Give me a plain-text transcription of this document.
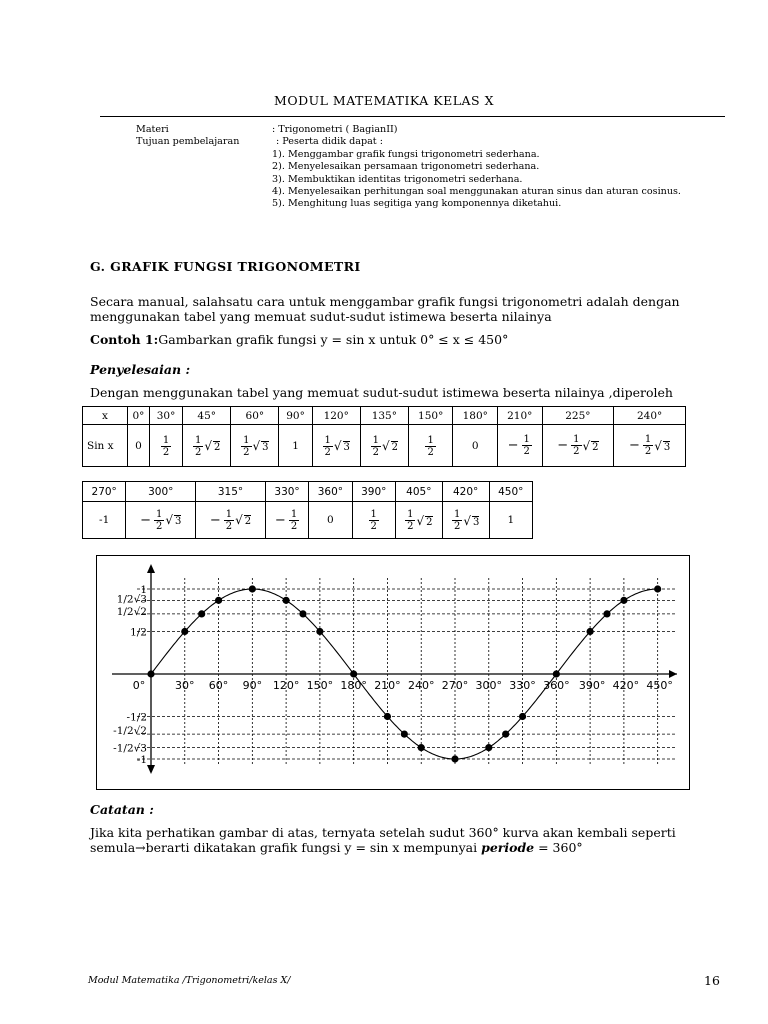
MODUL MATEMATIKA KELAS X
Materi
Tujuan pembelajaran
: Trigonometri ( BagianII)
: Peserta didik dapat :
1). Menggambar grafik fungsi trigonometri sederhana.
2). Menyelesaikan persamaan trigonometri sederhana.
3). Membuktikan identitas trigonometri sederhana.
4). Menyelesaikan perhitungan soal menggunakan aturan sinus dan aturan cosinus.
5). Menghitung luas segitiga yang komponennya diketahui.
G. GRAFIK FUNGSI TRIGONOMETRI
Secara manual, salahsatu cara untuk menggambar grafik fungsi trigonometri adalah dengan
menggunakan tabel yang memuat sudut-sudut istimewa beserta nilainya
Contoh 1:Gambarkan grafik fungsi y = sin x untuk 0° ≤ x ≤ 450°
Penyelesaian :
Dengan menggunakan tabel yang memuat sudut-sudut istimewa beserta nilainya ,diperoleh
x	0°	30°	45°	60°	90°	120°	135°	150°	180°	210°	225°	240°
Sin x	0	$\frac{1}{2}$	$\frac{1}{2}$ √ 2	$\frac{1}{2}$ √ 3	1	$\frac{1}{2}$ √ 3	$\frac{1}{2}$ √ 2	$\frac{1}{2}$	0	− $\frac{1}{2}$	− $\frac{1}{2}$ √ 2	− $\frac{1}{2}$ √ 3
270°	300°	315°	330°	360°	390°	405°	420°	450°
-1	− $\frac{1}{2}$ √ 3	− $\frac{1}{2}$ √ 2	− $\frac{1}{2}$	0	$\frac{1}{2}$	$\frac{1}{2}$ √ 2	$\frac{1}{2}$ √ 3	1
0°	30° 60° 90° 120° 150° 180° 210° 240° 270° 300° 330° 360° 390° 420° 450°
1
1/2√3
1/2√2
1/2
-1/2
-1/2√3
-1/2√2
-1
Catatan :
Jika kita perhatikan gambar di atas, ternyata setelah sudut 360° kurva akan kembali seperti
semula→berarti dikatakan grafik fungsi y = sin x mempunyai periode = 360°
Modul Matematika /Trigonometri/kelas X/	16
